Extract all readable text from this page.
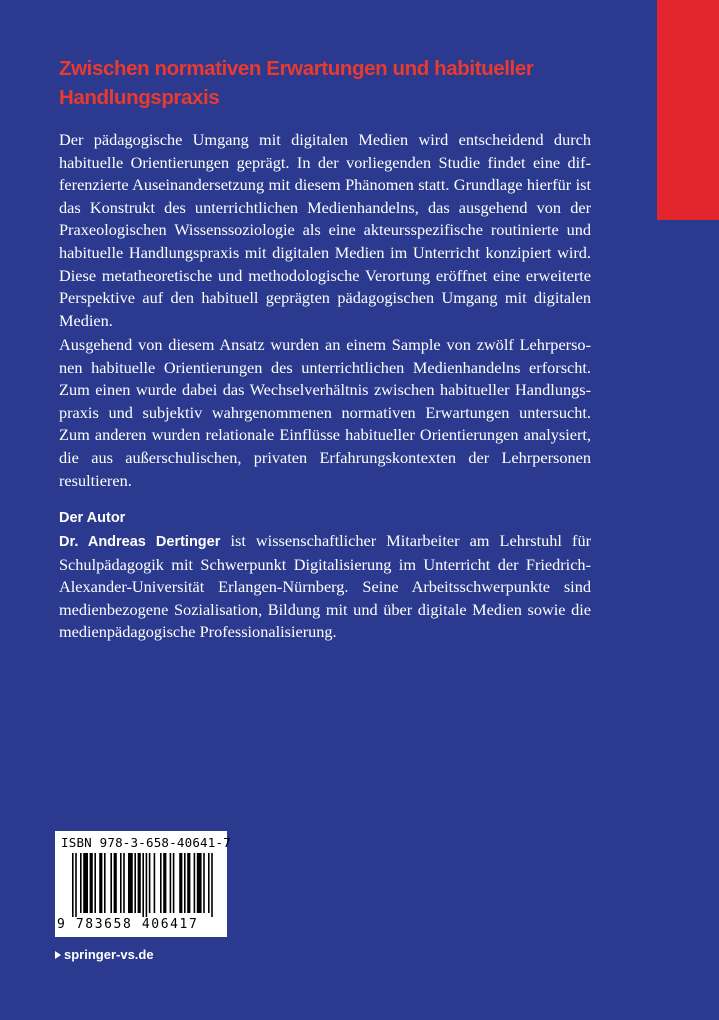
Zwischen normativen Erwartungen und habitueller
Handlungspraxis

Der pädagogische Umgang mit digitalen Medien wird entscheidend durch habituelle Orientierungen geprägt. In der vorliegenden Studie findet eine differenzierte Auseinandersetzung mit diesem Phänomen statt. Grundlage hierfür ist das Konstrukt des unterrichtlichen Medienhandelns, das ausgehend von der Praxeologischen Wissenssoziologie als eine akteursspezifische routinierte und habituelle Handlungspraxis mit digitalen Medien im Unterricht konzipiert wird. Diese metatheoretische und methodologische Verortung eröffnet eine erweiterte Perspektive auf den habituell geprägten pädagogischen Umgang mit digitalen Medien.

Ausgehend von diesem Ansatz wurden an einem Sample von zwölf Lehrpersonen habituelle Orientierungen des unterrichtlichen Medienhandelns erforscht. Zum einen wurde dabei das Wechselverhältnis zwischen habitueller Handlungspraxis und subjektiv wahrgenommenen normativen Erwartungen untersucht. Zum anderen wurden relationale Einflüsse habitueller Orientierungen analysiert, die aus außerschulischen, privaten Erfahrungskontexten der Lehrpersonen resultieren.

Der Autor

Dr. Andreas Dertinger ist wissenschaftlicher Mitarbeiter am Lehrstuhl für Schulpädagogik mit Schwerpunkt Digitalisierung im Unterricht der Friedrich-Alexander-Universität Erlangen-Nürnberg. Seine Arbeitsschwerpunkte sind medienbezogene Sozialisation, Bildung mit und über digitale Medien sowie die medienpädagogische Professionalisierung.

ISBN 978-3-658-40641-7
9 783658 406417
springer-vs.de
